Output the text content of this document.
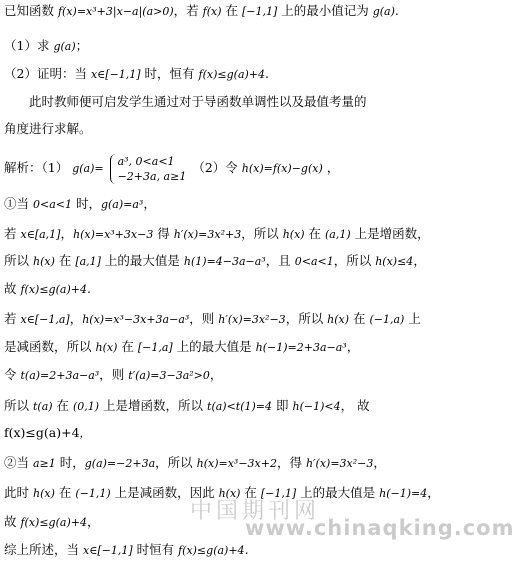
已知函数 f(x)=x³+3|x−a|(a>0)，若 f(x) 在 [−1,1] 上的最小值记为 g(a).
（1）求 g(a)；
（2）证明：当 x∈[−1,1] 时，恒有 f(x)≤g(a)+4.
　　此时教师便可启发学生通过对于导函数单调性以及最值考量的
角度进行求解。
解析：（1） g(a)=
a³, 0<a<1
−2+3a, a≥1
（2）令 h(x)=f(x)−g(x) ，
①当 0<a<1 时，g(a)=a³，
若 x∈[a,1]，h(x)=x³+3x−3 得 h′(x)=3x²+3，所以 h(x) 在 (a,1) 上是增函数，
所以 h(x) 在 [a,1] 上的最大值是 h(1)=4−3a−a³，且 0<a<1，所以 h(x)≤4，
故 f(x)≤g(a)+4.
若 x∈[−1,a]，h(x)=x³−3x+3a−a³，则 h′(x)=3x²−3，所以 h(x) 在 (−1,a) 上
是减函数，所以 h(x) 在 [−1,a] 上的最大值是 h(−1)=2+3a−a³，
令 t(a)=2+3a−a³，则 t′(a)=3−3a²>0，
所以 t(a) 在 (0,1) 上是增函数，所以 t(a)<t(1)=4 即 h(−1)<4， 故
f(x)≤g(a)+4，
②当 a≥1 时，g(a)=−2+3a，所以 h(x)=x³−3x+2，得 h′(x)=3x²−3，
此时 h(x) 在 (−1,1) 上是减函数，因此 h(x) 在 [−1,1] 上的最大值是 h(−1)=4，
故 f(x)≤g(a)+4，
综上所述，当 x∈[−1,1] 时恒有 f(x)≤g(a)+4.
中国期刊网
www.chinaqking.com
